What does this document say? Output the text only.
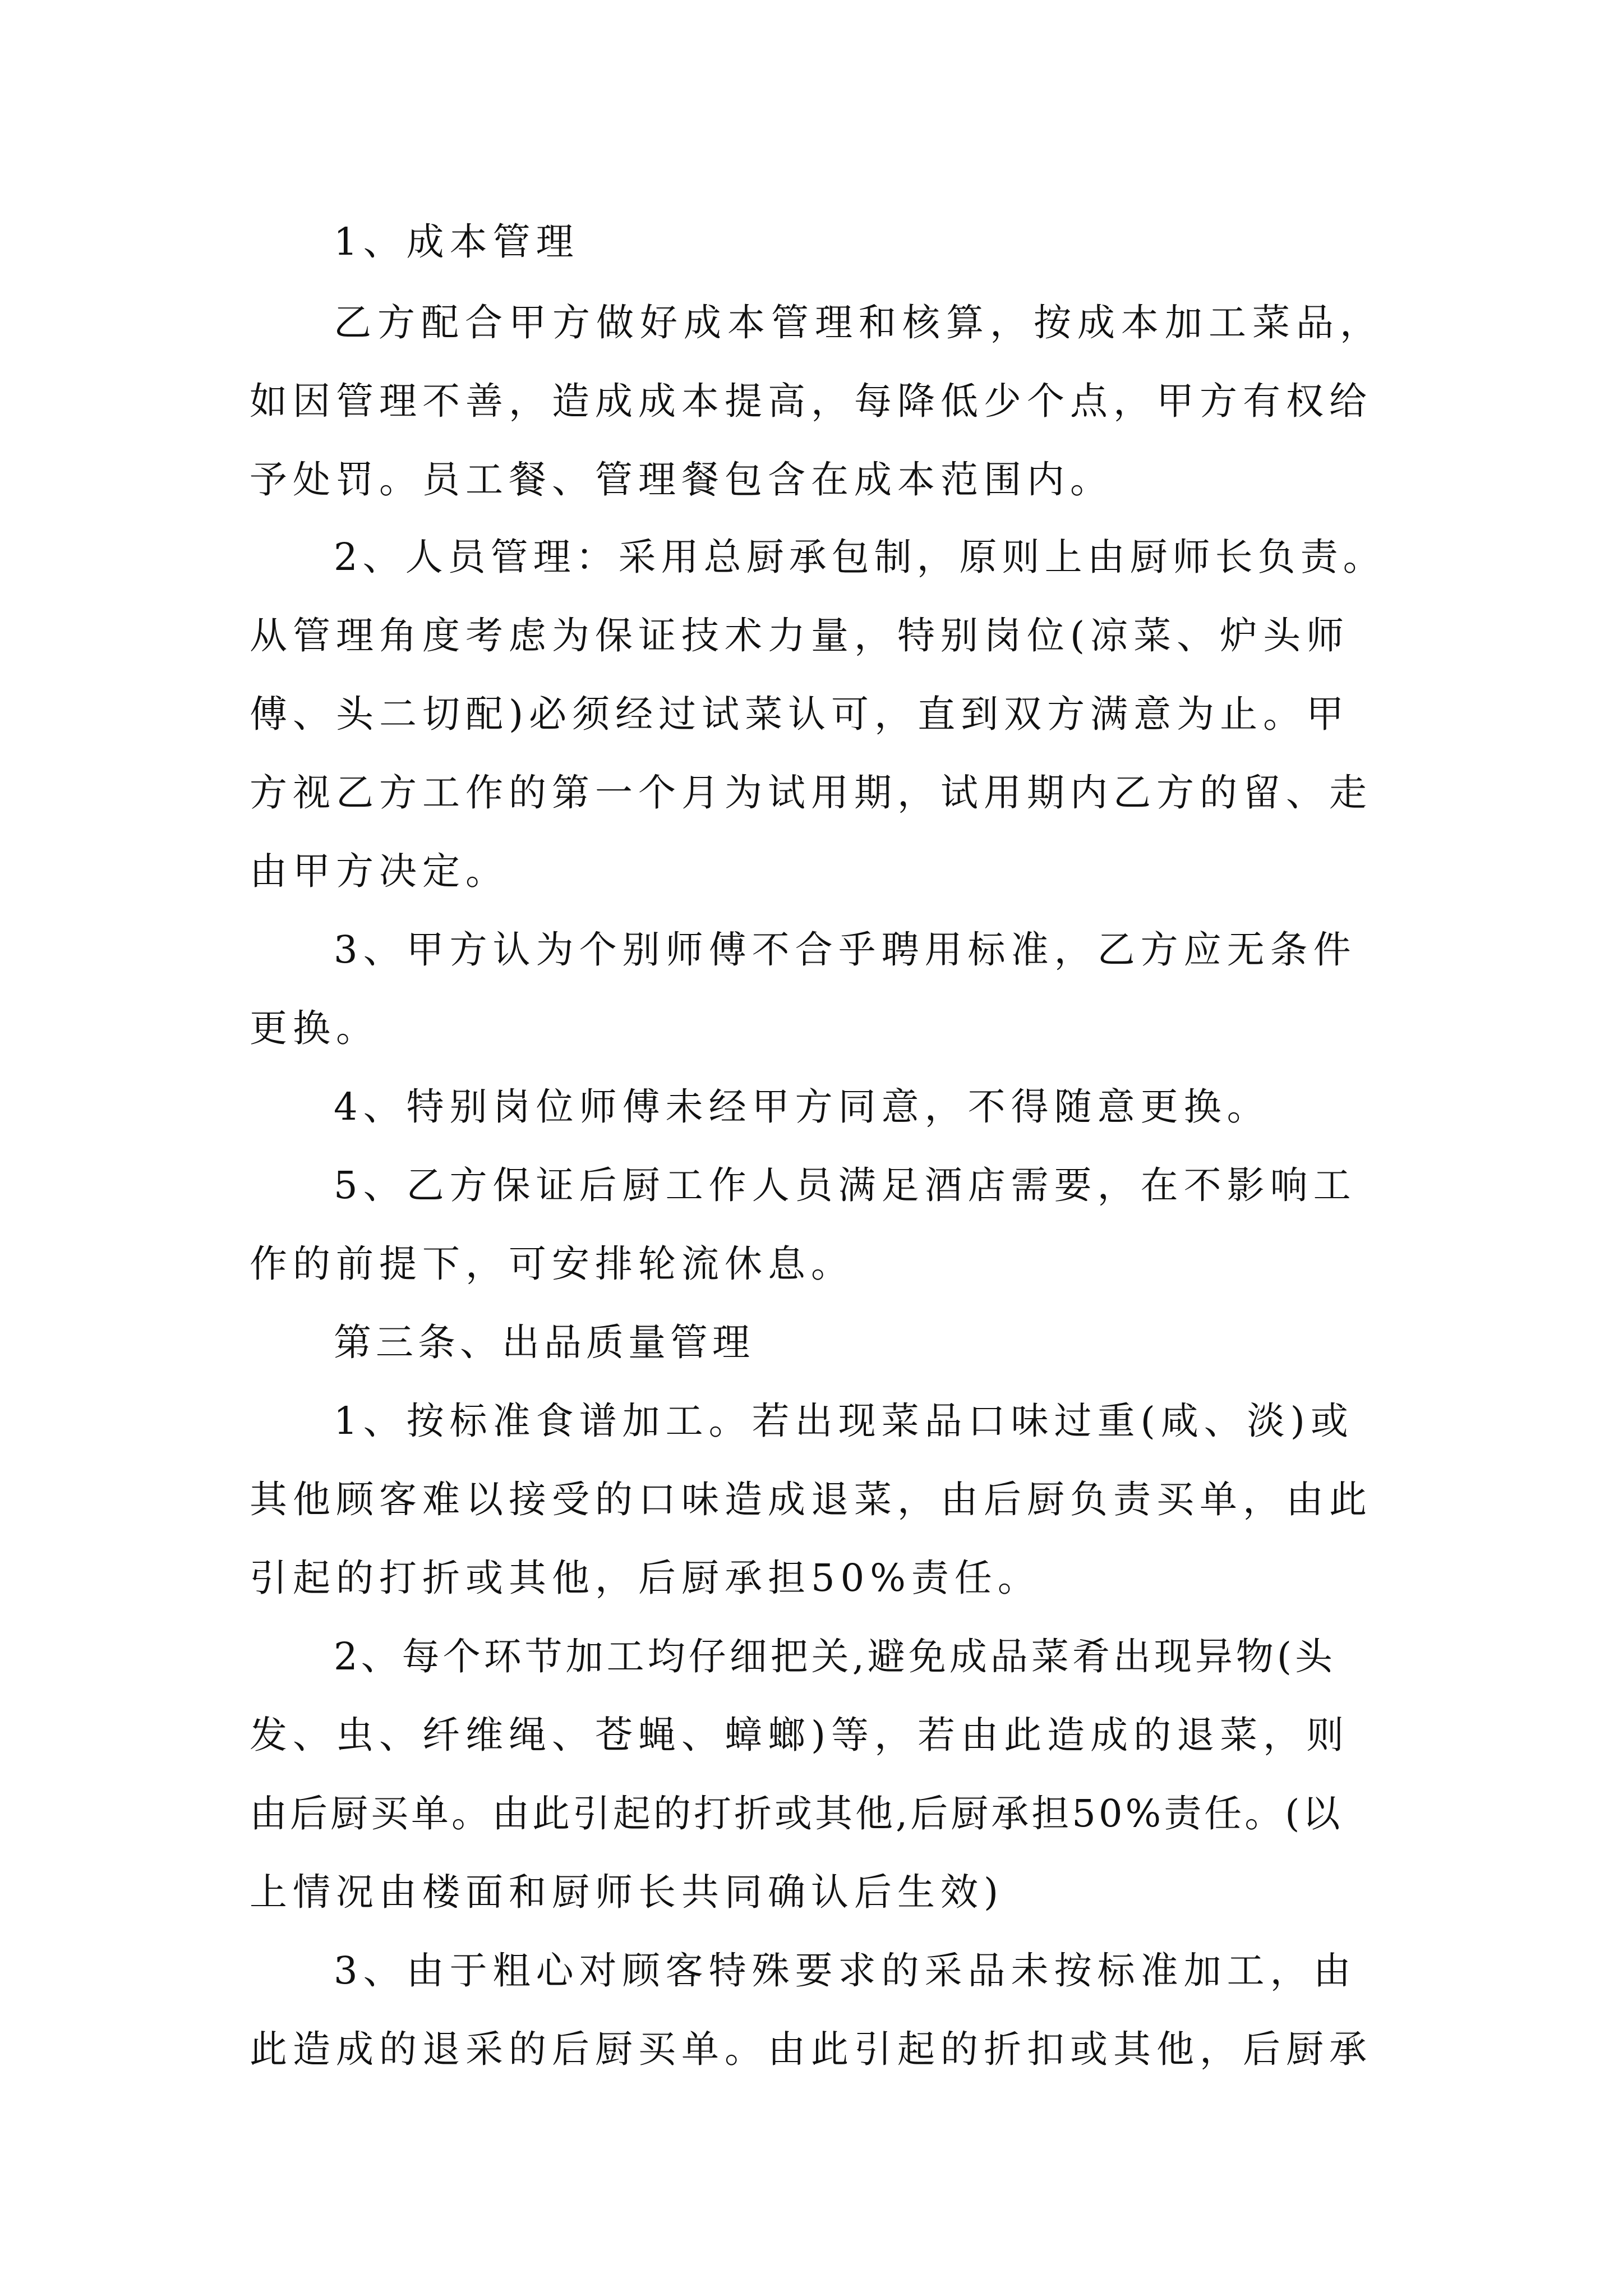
1、成本管理
乙方配合甲方做好成本管理和核算，按成本加工菜品，
如因管理不善，造成成本提高，每降低少个点，甲方有权给
予处罚。员工餐、管理餐包含在成本范围内。
2、人员管理：采用总厨承包制，原则上由厨师长负责。
从管理角度考虑为保证技术力量，特别岗位(凉菜、炉头师
傅、头二切配)必须经过试菜认可，直到双方满意为止。甲
方视乙方工作的第一个月为试用期，试用期内乙方的留、走
由甲方决定。
3、甲方认为个别师傅不合乎聘用标准，乙方应无条件
更换。
4、特别岗位师傅未经甲方同意，不得随意更换。
5、乙方保证后厨工作人员满足酒店需要，在不影响工
作的前提下，可安排轮流休息。
第三条、出品质量管理
1、按标准食谱加工。若出现菜品口味过重(咸、淡)或
其他顾客难以接受的口味造成退菜，由后厨负责买单，由此
引起的打折或其他，后厨承担50%责任。
2、每个环节加工均仔细把关,避免成品菜肴出现异物(头
发、虫、纤维绳、苍蝇、蟑螂)等，若由此造成的退菜，则
由后厨买单。由此引起的打折或其他,后厨承担50%责任。(以
上情况由楼面和厨师长共同确认后生效)
3、由于粗心对顾客特殊要求的采品未按标准加工，由
此造成的退采的后厨买单。由此引起的折扣或其他，后厨承
